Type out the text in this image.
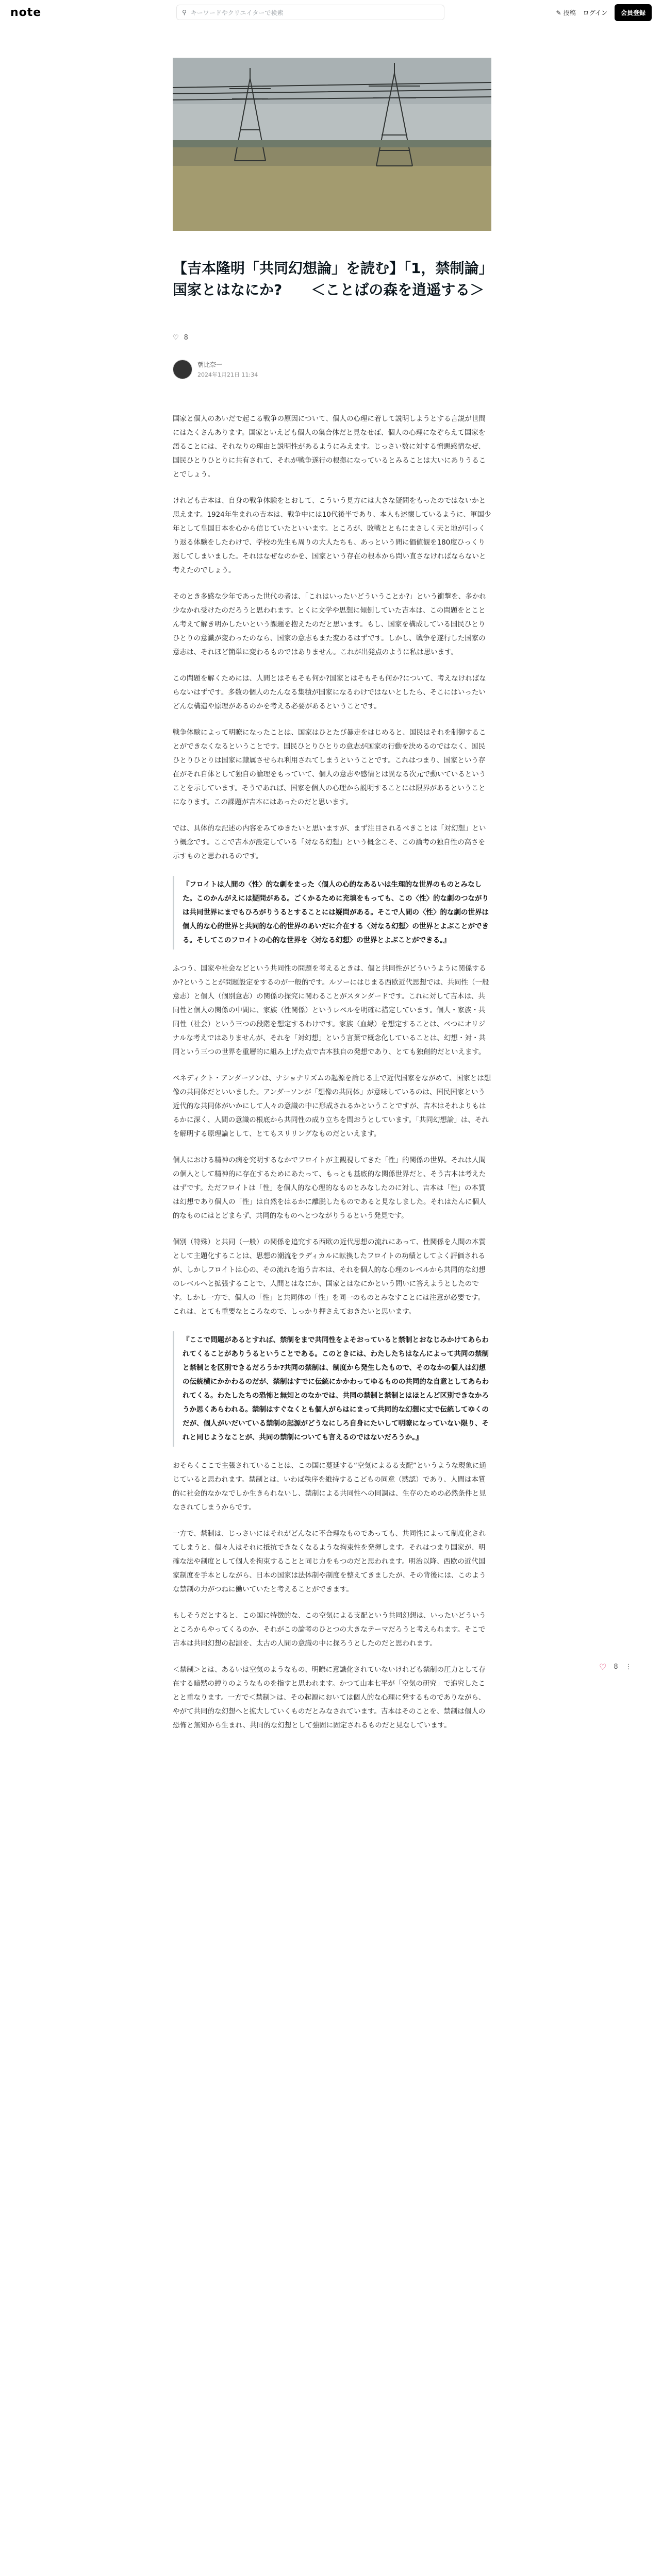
note	⚲ キーワードやクリエイターで検索	✎ 投稿 ログイン	会員登録
【吉本隆明「共同幻想論」を読む】「1，禁制論」　国家とはなにか?　　＜ことばの森を逍遥する＞
♡ 8
朝比奈一
2024年1月21日 11:34

国家と個人のあいだで起こる戦争の原因について、個人の心理に着して説明しようとする言説が世間にはたくさんあります。国家といえども個人の集合体だと見なせば、個人の心理になぞらえて国家を語ることには、それなりの理由と説明性があるようにみえます。じっさい数に対する憎悪感情なぜ、国民ひとりひとりに共有されて、それが戦争遂行の根拠になっているとみることは大いにありうることでしょう。

けれども吉本は、自身の戦争体験をとおして、こういう見方には大きな疑問をもったのではないかと思えます。1924年生まれの吉本は、戦争中には10代後半であり、本人も述懐しているように、軍国少年として皇国日本を心から信じていたといいます。ところが、敗戦とともにまさしく天と地が引っくり返る体験をしたわけで、学校の先生も周りの大人たちも、あっという間に価値観を180度ひっくり返してしまいました。それはなぜなのかを、国家という存在の根本から問い直さなければならないと考えたのでしょう。

そのとき多感な少年であった世代の者は、「これはいったいどういうことか?」という衝撃を、多かれ少なかれ受けたのだろうと思われます。とくに文学や思想に傾倒していた吉本は、この問題をとことん考えて解き明かしたいという課題を抱えたのだと思います。もし、国家を構成している国民ひとりひとりの意識が変わったのなら、国家の意志もまた変わるはずです。しかし、戦争を遂行した国家の意志は、それほど簡単に変わるものではありません。これが出発点のように私は思います。

この問題を解くためには、人間とはそもそも何か?国家とはそもそも何か?について、考えなければならないはずです。多数の個人のたんなる集積が国家になるわけではないとしたら、そこにはいったいどんな構造や原理があるのかを考える必要があるということです。

戦争体験によって明瞭になったことは、国家はひとたび暴走をはじめると、国民はそれを制御することができなくなるということです。国民ひとりひとりの意志が国家の行動を決めるのではなく、国民ひとりひとりは国家に隷属させられ利用されてしまうということです。これはつまり、国家という存在がそれ自体として独自の論理をもっていて、個人の意志や感情とは異なる次元で動いているということを示しています。そうであれば、国家を個人の心理から説明することには限界があるということになります。この課題が吉本にはあったのだと思います。

では、具体的な記述の内容をみてゆきたいと思いますが、まず注目されるべきことは「対幻想」という概念です。ここで吉本が設定している「対なる幻想」という概念こそ、この論考の独自性の高さを示すものと思われるのです。

『フロイトは人間の〈性〉的な劇をまった〈個人の心的なあるいは生理的な世界のものとみなした。このかんがえには疑問がある。ごくかるために充填をもっても、この〈性〉的な劇のつながりは共同世界にまでもひろがりうるとすることには疑問がある。そこで人間の〈性〉的な劇の世界は個人的な心的世界と共同的な心的世界のあいだに介在する〈対なる幻想〉の世界とよぶことができる。そしてこのフロイトの心的な世界を〈対なる幻想〉の世界とよぶことができる。』

ふつう、国家や社会などという共同性の問題を考えるときは、個と共同性がどういうように関係するか?ということが問題設定をするのが一般的です。ルソーにはじまる西欧近代思想では、共同性（一般意志）と個人（個別意志）の関係の探究に関わることがスタンダードです。これに対して吉本は、共同性と個人の関係の中間に、家族（性関係）というレベルを明確に措定しています。個人・家族・共同性（社会）という三つの段階を想定するわけです。家族（血縁）を想定することは、ベつにオリジナルな考えではありませんが、それを「対幻想」という言葉で概念化していることは、幻想・対・共同という三つの世界を重層的に組み上げた点で吉本独自の発想であり、とても独創的だといえます。

ベネディクト・アンダーソンは、ナショナリズムの起源を論じる上で近代国家をながめて、国家とは想像の共同体だといいました。アンダーソンが「想像の共同体」が意味しているのは、国民国家という近代的な共同体がいかにして人々の意識の中に形成されるかということですが、吉本はそれよりもはるかに深く、人間の意識の根底から共同性の成り立ちを問おうとしています。「共同幻想論」は、それを解明する原理論として、とてもスリリングなものだといえます。

個人における精神の病を究明するなかでフロイトが主観視してきた「性」的関係の世界。それは人間の個人として精神的に存在するためにあたって、もっとも基底的な関係世界だと、そう吉本は考えたはずです。ただフロイトは「性」を個人的な心理的なものとみなしたのに対し、吉本は「性」の本質は幻想であり個人の「性」は自然をはるかに離脱したものであると見なしました。それはたんに個人的なものにはとどまらず、共同的なものへとつながりうるという発見です。

個別（特殊）と共同（一般）の関係を追究する西欧の近代思想の流れにあって、性関係を人間の本質として主題化することは、思想の潮流をラディカルに転換したフロイトの功績としてよく評価されるが、しかしフロイトは心の、その流れを追う吉本は、それを個人的な心理のレベルから共同的な幻想のレベルへと拡張することで、人間とはなにか、国家とはなにかという問いに答えようとしたのです。しかし一方で、個人の「性」と共同体の「性」を同一のものとみなすことには注意が必要です。これは、とても重要なところなので、しっかり押さえておきたいと思います。

『ここで問題があるとすれば、禁制をまで共同性をよそおっていると禁制とおなじみかけてあらわれてくることがありうるということである。このときには、わたしたちはなんによって共同の禁制と禁制とを区別できるだろうか?共同の禁制は、制度から発生したもので、そのなかの個人は幻想の伝統横にかかわるのだが、禁制はすでに伝統にかかわってゆるものの共同的な自意としてあらわれてくる。わたしたちの恐怖と無知とのなかでは、共同の禁制と禁制とはほとんど区別できなかろうか思くあらわれる。禁制はすぐなくとも個人がらはにまって共同的な幻想に丈で伝統してゆくのだが、個人がいだいている禁制の起源がどうなにしろ自身にたいして明瞭になっていない限り、それと同じようなことが、共同の禁制についても言えるのではないだろうか。』

おそらくここで主張されていることは、この国に蔓延する“空気によるる支配”というような現象に通じていると思われます。禁制とは、いわば秩序を維持するこどもの同意（黙認）であり、人間は本質的に社会的なかなでしか生きられないし、禁制による共同性への同調は、生存のための必然条件と見なされてしまうからです。

一方で、禁制は、じっさいにはそれがどんなに不合理なものであっても、共同性によって制度化されてしまうと、個々人はそれに抵抗できなくなるような拘束性を発揮します。それはつまり国家が、明確な法や制度として個人を拘束することと同じ力をもつのだと思われます。明治以降、西欧の近代国家制度を手本としながら、日本の国家は法体制や制度を整えてきましたが、その背後には、このような禁制の力がつねに働いていたと考えることができます。

もしそうだとすると、この国に特徴的な、この空気による支配という共同幻想は、いったいどういうところからやってくるのか、それがこの論考のひとつの大きなテーマだろうと考えられます。そこで吉本は共同幻想の起源を、太古の人間の意識の中に探ろうとしたのだと思われます。

＜禁制＞とは、あるいは空気のようなもの、明瞭に意識化されていないけれども禁制の圧力として存在する暗黙の縛りのようなものを指すと思われます。かつて山本七平が「空気の研究」で追究したことと重なります。一方で＜禁制＞は、その起源においては個人的な心理に発するものでありながら、やがて共同的な幻想へと拡大していくものだとみなされています。吉本はそのことを、禁制は個人の恐怖と無知から生まれ、共同的な幻想として強固に固定されるものだと見なしています。

♡ 8 ⋮
